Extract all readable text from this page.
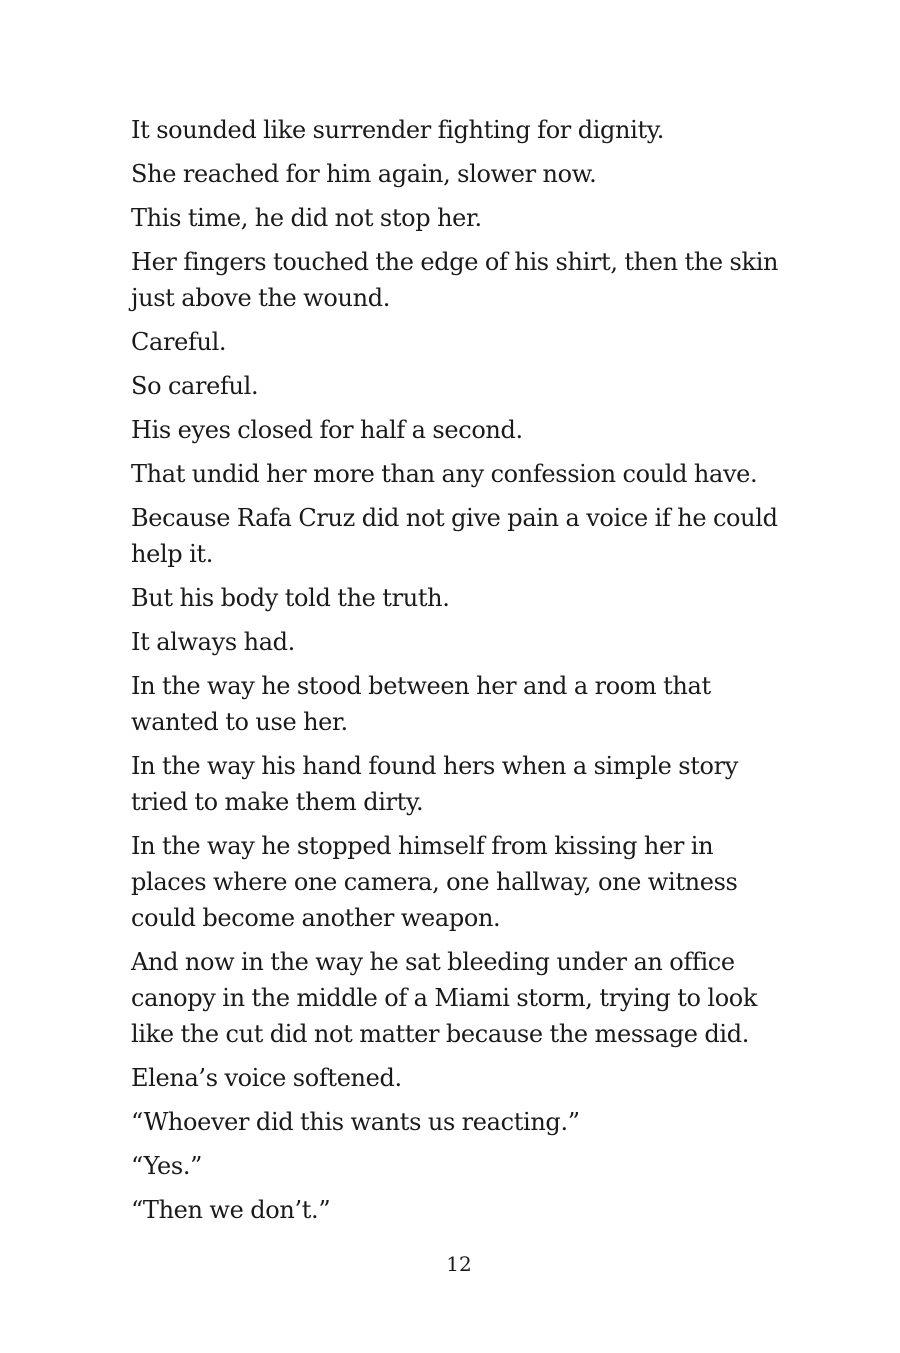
It sounded like surrender fighting for dignity.

She reached for him again, slower now.

This time, he did not stop her.

Her fingers touched the edge of his shirt, then the skin just above the wound.

Careful.

So careful.

His eyes closed for half a second.

That undid her more than any confession could have.

Because Rafa Cruz did not give pain a voice if he could help it.

But his body told the truth.

It always had.

In the way he stood between her and a room that wanted to use her.

In the way his hand found hers when a simple story tried to make them dirty.

In the way he stopped himself from kissing her in places where one camera, one hallway, one witness could become another weapon.

And now in the way he sat bleeding under an office canopy in the middle of a Miami storm, trying to look like the cut did not matter because the message did.

Elena’s voice softened.

“Whoever did this wants us reacting.”

“Yes.”

“Then we don’t.”

12
